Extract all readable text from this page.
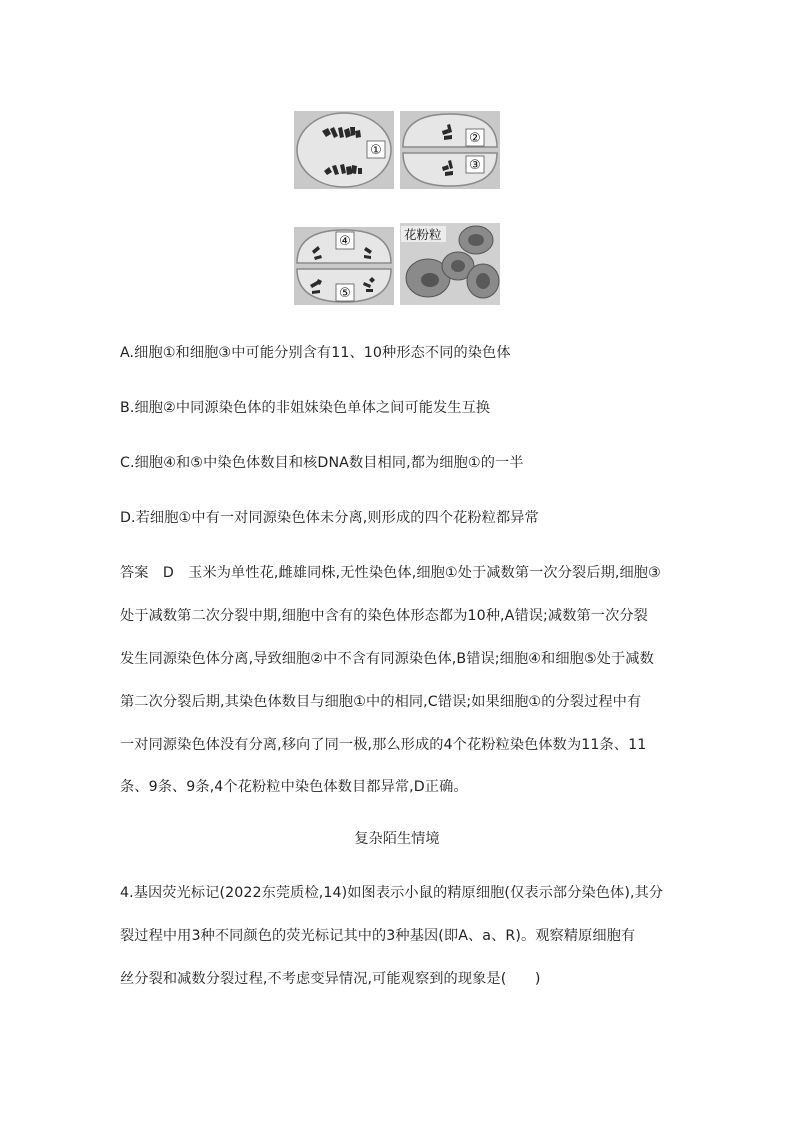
①
②
③
④
⑤
花粉粒
A.细胞①和细胞③中可能分别含有11、10种形态不同的染色体
B.细胞②中同源染色体的非姐妹染色单体之间可能发生互换
C.细胞④和⑤中染色体数目和核DNA数目相同,都为细胞①的一半
D.若细胞①中有一对同源染色体未分离,则形成的四个花粉粒都异常
答案　D　玉米为单性花,雌雄同株,无性染色体,细胞①处于减数第一次分裂后期,细胞③
处于减数第二次分裂中期,细胞中含有的染色体形态都为10种,A错误;减数第一次分裂
发生同源染色体分离,导致细胞②中不含有同源染色体,B错误;细胞④和细胞⑤处于减数
第二次分裂后期,其染色体数目与细胞①中的相同,C错误;如果细胞①的分裂过程中有
一对同源染色体没有分离,移向了同一极,那么形成的4个花粉粒染色体数为11条、11
条、9条、9条,4个花粉粒中染色体数目都异常,D正确。
复杂陌生情境
4.基因荧光标记(2022东莞质检,14)如图表示小鼠的精原细胞(仅表示部分染色体),其分
裂过程中用3种不同颜色的荧光标记其中的3种基因(即A、a、R)。观察精原细胞有
丝分裂和减数分裂过程,不考虑变异情况,可能观察到的现象是(　　)
